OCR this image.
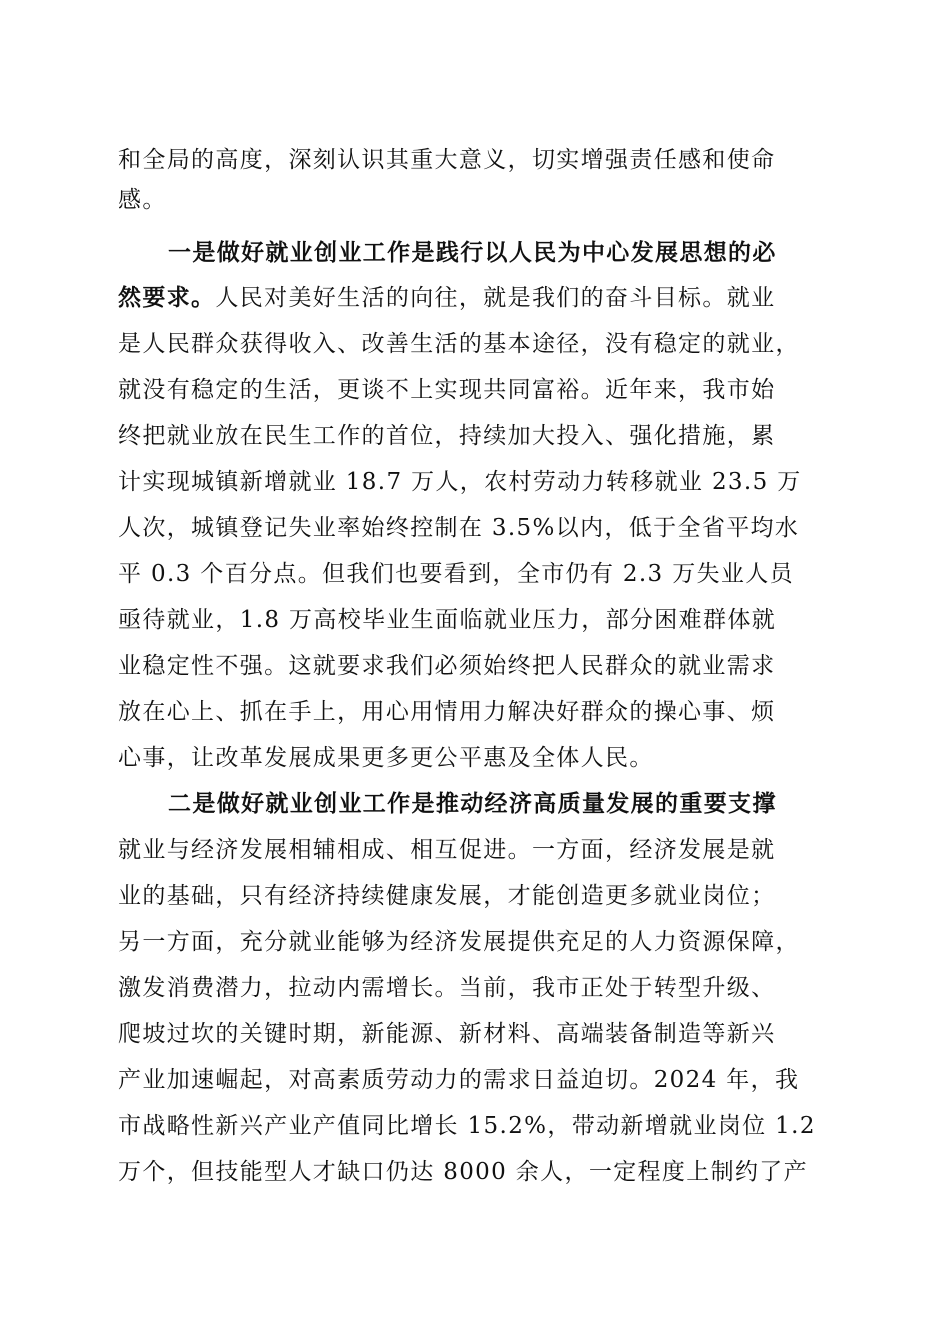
和全局的高度，深刻认识其重大意义，切实增强责任感和使命
感。
一是做好就业创业工作是践行以人民为中心发展思想的必
然要求。人民对美好生活的向往，就是我们的奋斗目标。就业
是人民群众获得收入、改善生活的基本途径，没有稳定的就业，
就没有稳定的生活，更谈不上实现共同富裕。近年来，我市始
终把就业放在民生工作的首位，持续加大投入、强化措施，累
计实现城镇新增就业 18.7 万人，农村劳动力转移就业 23.5 万
人次，城镇登记失业率始终控制在 3.5%以内，低于全省平均水
平 0.3 个百分点。但我们也要看到，全市仍有 2.3 万失业人员
亟待就业，1.8 万高校毕业生面临就业压力，部分困难群体就
业稳定性不强。这就要求我们必须始终把人民群众的就业需求
放在心上、抓在手上，用心用情用力解决好群众的操心事、烦
心事，让改革发展成果更多更公平惠及全体人民。
二是做好就业创业工作是推动经济高质量发展的重要支撑
就业与经济发展相辅相成、相互促进。一方面，经济发展是就
业的基础，只有经济持续健康发展，才能创造更多就业岗位；
另一方面，充分就业能够为经济发展提供充足的人力资源保障，
激发消费潜力，拉动内需增长。当前，我市正处于转型升级、
爬坡过坎的关键时期，新能源、新材料、高端装备制造等新兴
产业加速崛起，对高素质劳动力的需求日益迫切。2024 年，我
市战略性新兴产业产值同比增长 15.2%，带动新增就业岗位 1.2
万个，但技能型人才缺口仍达 8000 余人，一定程度上制约了产
